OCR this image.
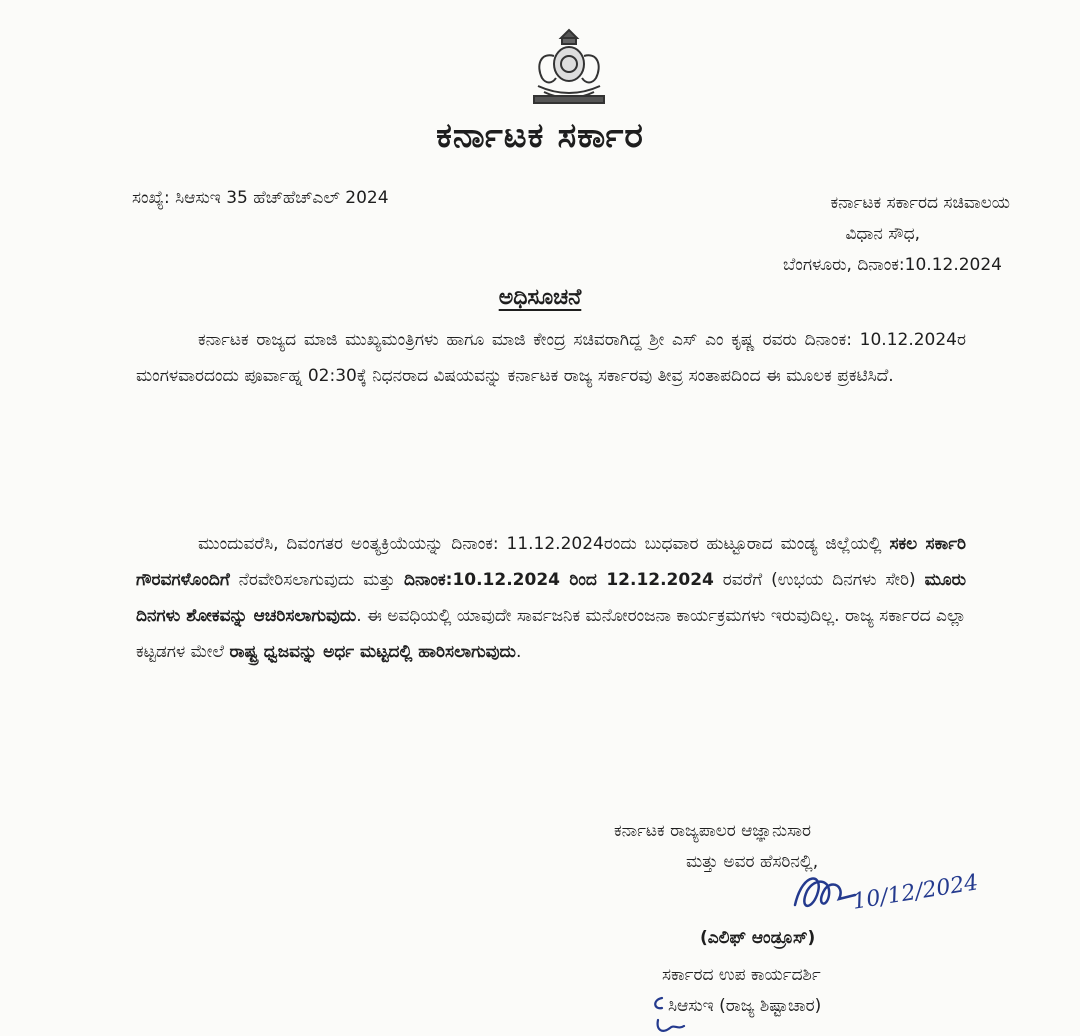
ಕರ್ನಾಟಕ ಸರ್ಕಾರ
ಸಂಖ್ಯೆ: ಸಿಆಸುಇ 35 ಹೆಚ್‌ಹೆಚ್‌ಎಲ್ 2024	ಕರ್ನಾಟಕ ಸರ್ಕಾರದ ಸಚಿವಾಲಯ
ವಿಧಾನ ಸೌಧ,
ಬೆಂಗಳೂರು, ದಿನಾಂಕ:10.12.2024
ಅಧಿಸೂಚನೆ

ಕರ್ನಾಟಕ ರಾಜ್ಯದ ಮಾಜಿ ಮುಖ್ಯಮಂತ್ರಿಗಳು ಹಾಗೂ ಮಾಜಿ ಕೇಂದ್ರ ಸಚಿವರಾಗಿದ್ದ ಶ್ರೀ ಎಸ್ ಎಂ ಕೃಷ್ಣ ರವರು ದಿನಾಂಕ: 10.12.2024ರ ಮಂಗಳವಾರದಂದು ಪೂರ್ವಾಹ್ನ 02:30ಕ್ಕೆ ನಿಧನರಾದ ವಿಷಯವನ್ನು ಕರ್ನಾಟಕ ರಾಜ್ಯ ಸರ್ಕಾರವು ತೀವ್ರ ಸಂತಾಪದಿಂದ ಈ ಮೂಲಕ ಪ್ರಕಟಿಸಿದೆ.

ಮುಂದುವರೆಸಿ, ದಿವಂಗತರ ಅಂತ್ಯಕ್ರಿಯೆಯನ್ನು ದಿನಾಂಕ: 11.12.2024ರಂದು ಬುಧವಾರ ಹುಟ್ಟೂರಾದ ಮಂಡ್ಯ ಜಿಲ್ಲೆಯಲ್ಲಿ ಸಕಲ ಸರ್ಕಾರಿ ಗೌರವಗಳೊಂದಿಗೆ ನೆರವೇರಿಸಲಾಗುವುದು ಮತ್ತು ದಿನಾಂಕ:10.12.2024 ರಿಂದ 12.12.2024 ರವರೆಗೆ (ಉಭಯ ದಿನಗಳು ಸೇರಿ) ಮೂರು ದಿನಗಳು ಶೋಕವನ್ನು ಆಚರಿಸಲಾಗುವುದು. ಈ ಅವಧಿಯಲ್ಲಿ ಯಾವುದೇ ಸಾರ್ವಜನಿಕ ಮನೋರಂಜನಾ ಕಾರ್ಯಕ್ರಮಗಳು ಇರುವುದಿಲ್ಲ. ರಾಜ್ಯ ಸರ್ಕಾರದ ಎಲ್ಲಾ ಕಟ್ಟಡಗಳ ಮೇಲೆ ರಾಷ್ಟ್ರ ಧ್ವಜವನ್ನು ಅರ್ಧ ಮಟ್ಟದಲ್ಲಿ ಹಾರಿಸಲಾಗುವುದು.

ಕರ್ನಾಟಕ ರಾಜ್ಯಪಾಲರ ಆಜ್ಞಾನುಸಾರ
ಮತ್ತು ಅವರ ಹೆಸರಿನಲ್ಲಿ,
10/12/2024
(ಎಲಿಫ್ ಆಂಡ್ರೂಸ್)
ಸರ್ಕಾರದ ಉಪ ಕಾರ್ಯದರ್ಶಿ
ಸಿಆಸುಇ (ರಾಜ್ಯ ಶಿಷ್ಟಾಚಾರ)
